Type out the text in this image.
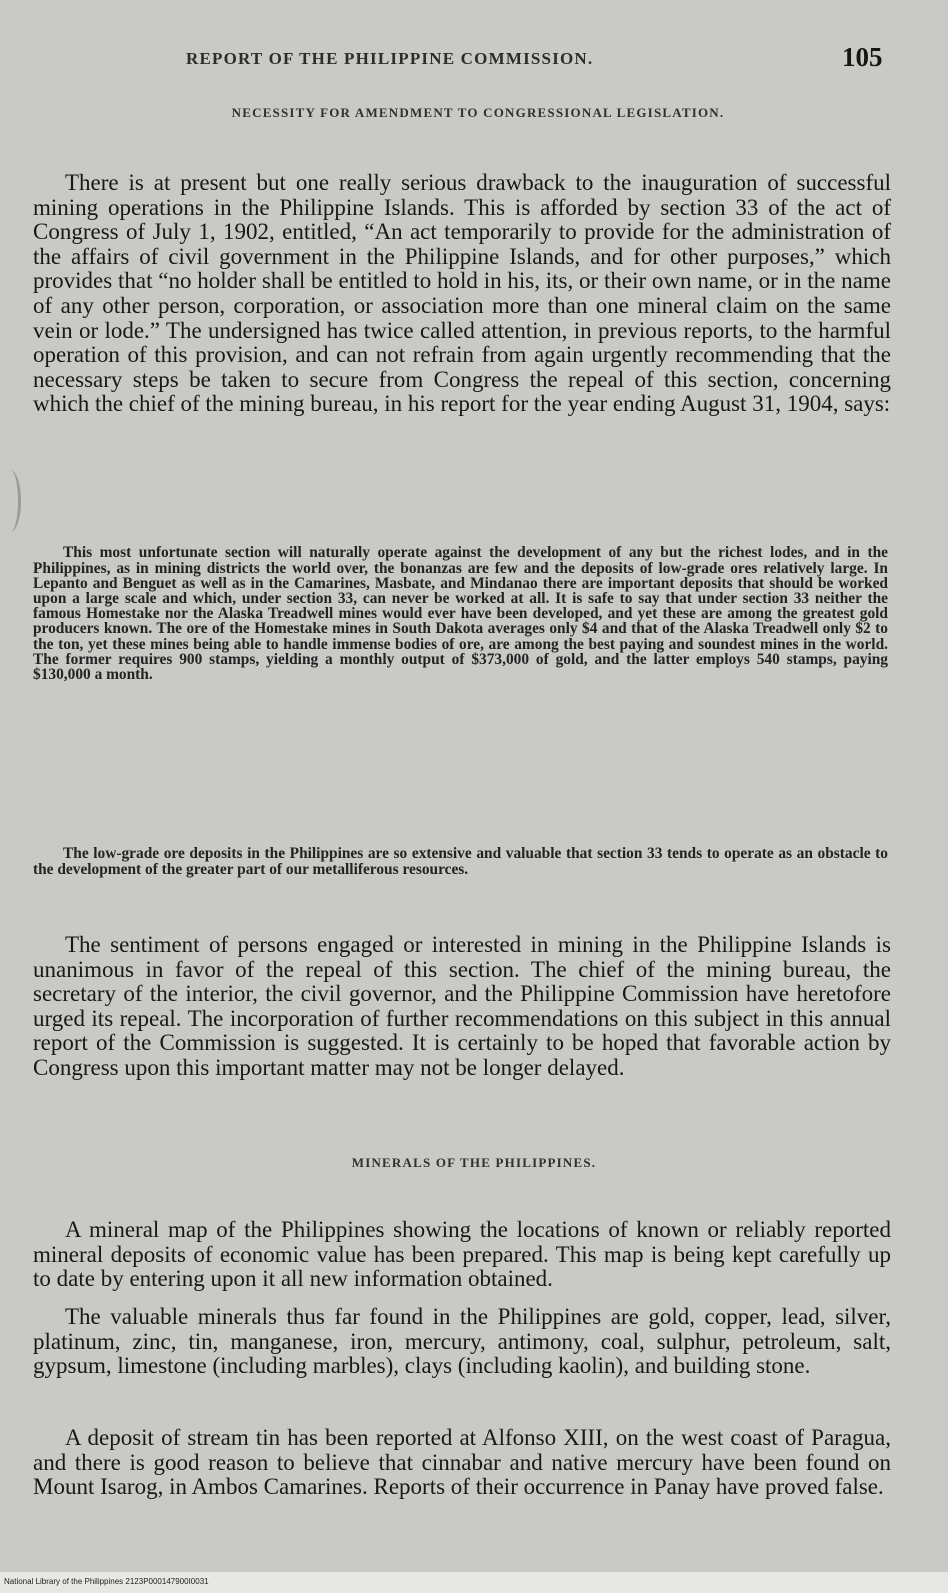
REPORT OF THE PHILIPPINE COMMISSION.	105
NECESSITY FOR AMENDMENT TO CONGRESSIONAL LEGISLATION.

There is at present but one really serious drawback to the inauguration of successful mining operations in the Philippine Islands. This is afforded by section 33 of the act of Congress of July 1, 1902, entitled, “An act temporarily to provide for the administration of the affairs of civil government in the Philippine Islands, and for other purposes,” which provides that “no holder shall be entitled to hold in his, its, or their own name, or in the name of any other person, corporation, or association more than one mineral claim on the same vein or lode.” The undersigned has twice called attention, in previous reports, to the harmful operation of this provision, and can not refrain from again urgently recommending that the necessary steps be taken to secure from Congress the repeal of this section, concerning which the chief of the mining bureau, in his report for the year ending August 31, 1904, says:

This most unfortunate section will naturally operate against the development of any but the richest lodes, and in the Philippines, as in mining districts the world over, the bonanzas are few and the deposits of low-grade ores relatively large. In Lepanto and Benguet as well as in the Camarines, Masbate, and Mindanao there are important deposits that should be worked upon a large scale and which, under section 33, can never be worked at all. It is safe to say that under section 33 neither the famous Homestake nor the Alaska Treadwell mines would ever have been developed, and yet these are among the greatest gold producers known. The ore of the Homestake mines in South Dakota averages only $4 and that of the Alaska Treadwell only $2 to the ton, yet these mines being able to handle immense bodies of ore, are among the best paying and soundest mines in the world. The former requires 900 stamps, yielding a monthly output of $373,000 of gold, and the latter employs 540 stamps, paying $130,000 a month.

The low-grade ore deposits in the Philippines are so extensive and valuable that section 33 tends to operate as an obstacle to the development of the greater part of our metalliferous resources.

The sentiment of persons engaged or interested in mining in the Philippine Islands is unanimous in favor of the repeal of this section. The chief of the mining bureau, the secretary of the interior, the civil governor, and the Philippine Commission have heretofore urged its repeal. The incorporation of further recommendations on this subject in this annual report of the Commission is suggested. It is certainly to be hoped that favorable action by Congress upon this important matter may not be longer delayed.

MINERALS OF THE PHILIPPINES.

A mineral map of the Philippines showing the locations of known or reliably reported mineral deposits of economic value has been prepared. This map is being kept carefully up to date by entering upon it all new information obtained.

The valuable minerals thus far found in the Philippines are gold, copper, lead, silver, platinum, zinc, tin, manganese, iron, mercury, antimony, coal, sulphur, petroleum, salt, gypsum, limestone (including marbles), clays (including kaolin), and building stone.

A deposit of stream tin has been reported at Alfonso XIII, on the west coast of Paragua, and there is good reason to believe that cinnabar and native mercury have been found on Mount Isarog, in Ambos Camarines. Reports of their occurrence in Panay have proved false.

National Library of the Philippines 2123P000147900I0031
